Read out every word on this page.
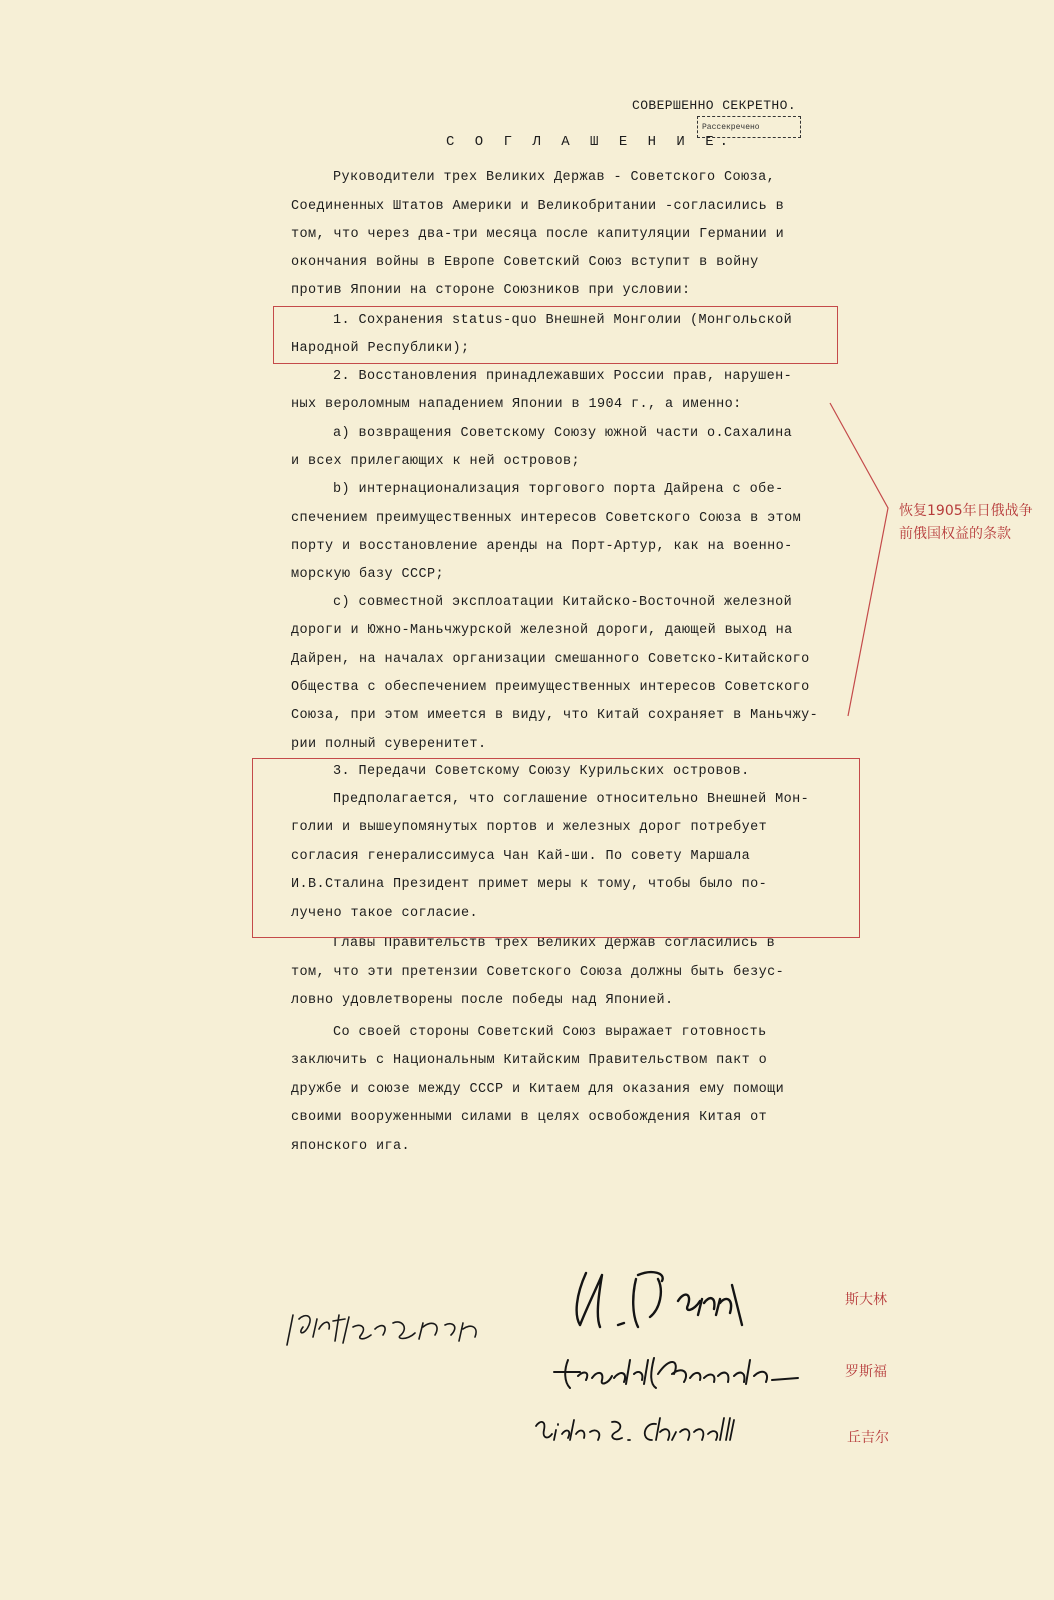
СОВЕРШЕННО СЕКРЕТНО.
Рассекречено
С О Г Л А Ш Е Н И Е.
Руководители трех Великих Держав - Советского Союза,
Соединенных Штатов Америки и Великобритании -согласились в
том, что через два-три месяца после капитуляции Германии и
окончания войны в Европе Советский Союз вступит в войну
против Японии на стороне Союзников при условии:
1. Сохранения status-quo Внешней Монголии (Монгольской
Народной Республики);
2. Восстановления принадлежавших России прав, нарушен-
ных вероломным нападением Японии в 1904 г., а именно:
а) возвращения Советскому Союзу южной части о.Сахалина
и всех прилегающих к ней островов;
b) интернационализация торгового порта Дайрена с обе-
спечением преимущественных интересов Советского Союза в этом
порту и восстановление аренды на Порт-Артур, как на военно-
морскую базу СССР;
с) совместной эксплоатации Китайско-Восточной железной
дороги и Южно-Маньчжурской железной дороги, дающей выход на
Дайрен, на началах организации смешанного Советско-Китайского
Общества с обеспечением преимущественных интересов Советского
Союза, при этом имеется в виду, что Китай сохраняет в Маньчжу-
рии полный суверенитет.
3. Передачи Советскому Союзу Курильских островов.
Предполагается, что соглашение относительно Внешней Мон-
голии и вышеупомянутых портов и железных дорог потребует
согласия генералиссимуса Чан Кай-ши. По совету Маршала
И.В.Сталина Президент примет меры к тому, чтобы было по-
лучено такое согласие.
Главы Правительств трех Великих Держав согласились в
том, что эти претензии Советского Союза должны быть безус-
ловно удовлетворены после победы над Японией.
Со своей стороны Советский Союз выражает готовность
заключить с Национальным Китайским Правительством пакт о
дружбе и союзе между СССР и Китаем для оказания ему помощи
своими вооруженными силами в целях освобождения Китая от
японского ига.
恢复1905年日俄战争
前俄国权益的条款
斯大林
罗斯福
丘吉尔
